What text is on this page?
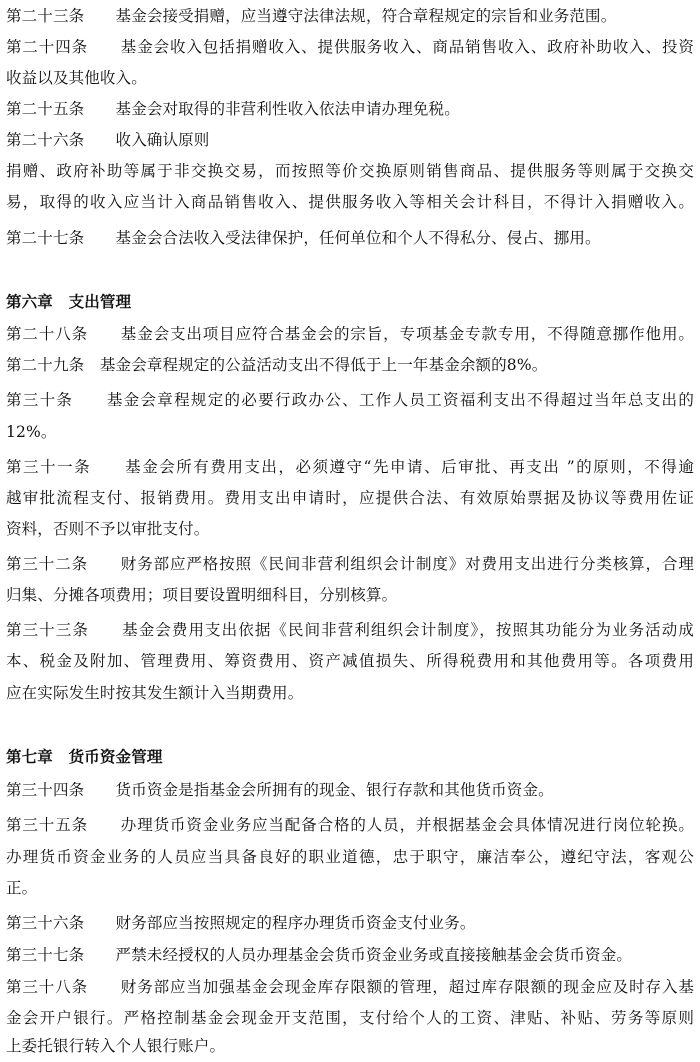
第二十三条　　基金会接受捐赠，应当遵守法律法规，符合章程规定的宗旨和业务范围。
第二十四条　　基金会收入包括捐赠收入、提供服务收入、商品销售收入、政府补助收入、投资
收益以及其他收入。
第二十五条　　基金会对取得的非营利性收入依法申请办理免税。
第二十六条　　收入确认原则
捐赠、政府补助等属于非交换交易，而按照等价交换原则销售商品、提供服务等则属于交换交
易，取得的收入应当计入商品销售收入、提供服务收入等相关会计科目，不得计入捐赠收入。
第二十七条　　基金会合法收入受法律保护，任何单位和个人不得私分、侵占、挪用。
第六章　支出管理
第二十八条　　基金会支出项目应符合基金会的宗旨，专项基金专款专用，不得随意挪作他用。
第二十九条　基金会章程规定的公益活动支出不得低于上一年基金余额的8%。
第三十条　　基金会章程规定的必要行政办公、工作人员工资福利支出不得超过当年总支出的
12%。
第三十一条　　基金会所有费用支出，必须遵守“先申请、后审批、再支出 ”的原则，不得逾
越审批流程支付、报销费用。费用支出申请时，应提供合法、有效原始票据及协议等费用佐证
资料，否则不予以审批支付。
第三十二条　　财务部应严格按照《民间非营利组织会计制度》对费用支出进行分类核算，合理
归集、分摊各项费用；项目要设置明细科目，分别核算。
第三十三条　　基金会费用支出依据《民间非营利组织会计制度》，按照其功能分为业务活动成
本、税金及附加、管理费用、筹资费用、资产减值损失、所得税费用和其他费用等。各项费用
应在实际发生时按其发生额计入当期费用。
第七章　货币资金管理
第三十四条　　货币资金是指基金会所拥有的现金、银行存款和其他货币资金。
第三十五条　　办理货币资金业务应当配备合格的人员，并根据基金会具体情况进行岗位轮换。
办理货币资金业务的人员应当具备良好的职业道德，忠于职守，廉洁奉公，遵纪守法，客观公
正。
第三十六条　　财务部应当按照规定的程序办理货币资金支付业务。
第三十七条　　严禁未经授权的人员办理基金会货币资金业务或直接接触基金会货币资金。
第三十八条　　财务部应当加强基金会现金库存限额的管理，超过库存限额的现金应及时存入基
金会开户银行。严格控制基金会现金开支范围，支付给个人的工资、津贴、补贴、劳务等原则
上委托银行转入个人银行账户。
